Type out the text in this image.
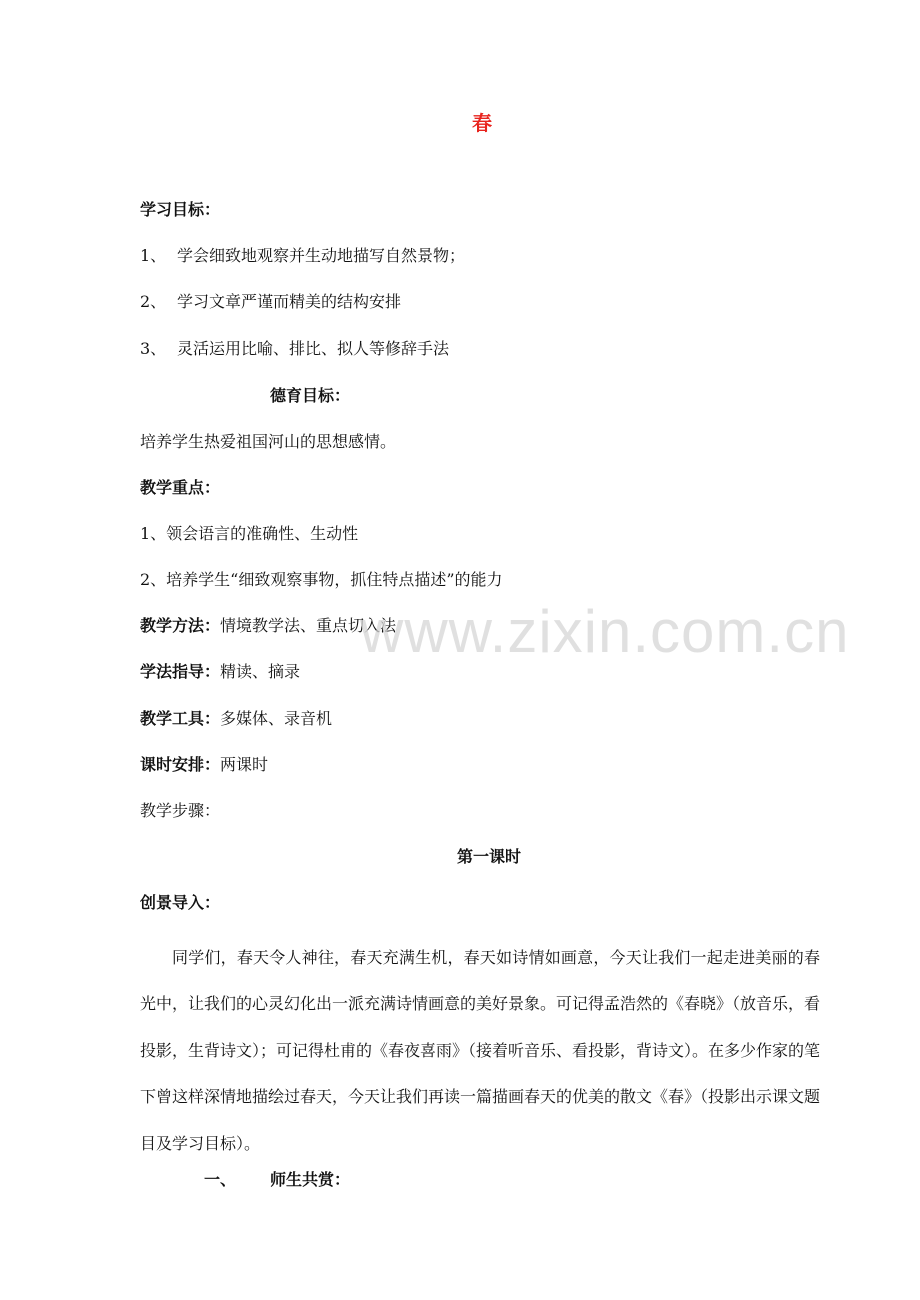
春
学习目标：
1、 学会细致地观察并生动地描写自然景物；
2、 学习文章严谨而精美的结构安排
3、 灵活运用比喻、排比、拟人等修辞手法
德育目标：
培养学生热爱祖国河山的思想感情。
教学重点：
1、领会语言的准确性、生动性
2、培养学生“细致观察事物，抓住特点描述”的能力
教学方法：情境教学法、重点切入法
学法指导：精读、摘录
教学工具：多媒体、录音机
课时安排：两课时
教学步骤：
第一课时
创景导入：
同学们，春天令人神往，春天充满生机，春天如诗情如画意，今天让我们一起走进美丽的春光中，让我们的心灵幻化出一派充满诗情画意的美好景象。可记得孟浩然的《春晓》（放音乐，看投影，生背诗文）；可记得杜甫的《春夜喜雨》（接着听音乐、看投影，背诗文）。在多少作家的笔下曾这样深情地描绘过春天，今天让我们再读一篇描画春天的优美的散文《春》（投影出示课文题目及学习目标）。
一、 师生共赏：
www.zixin.com.cn
